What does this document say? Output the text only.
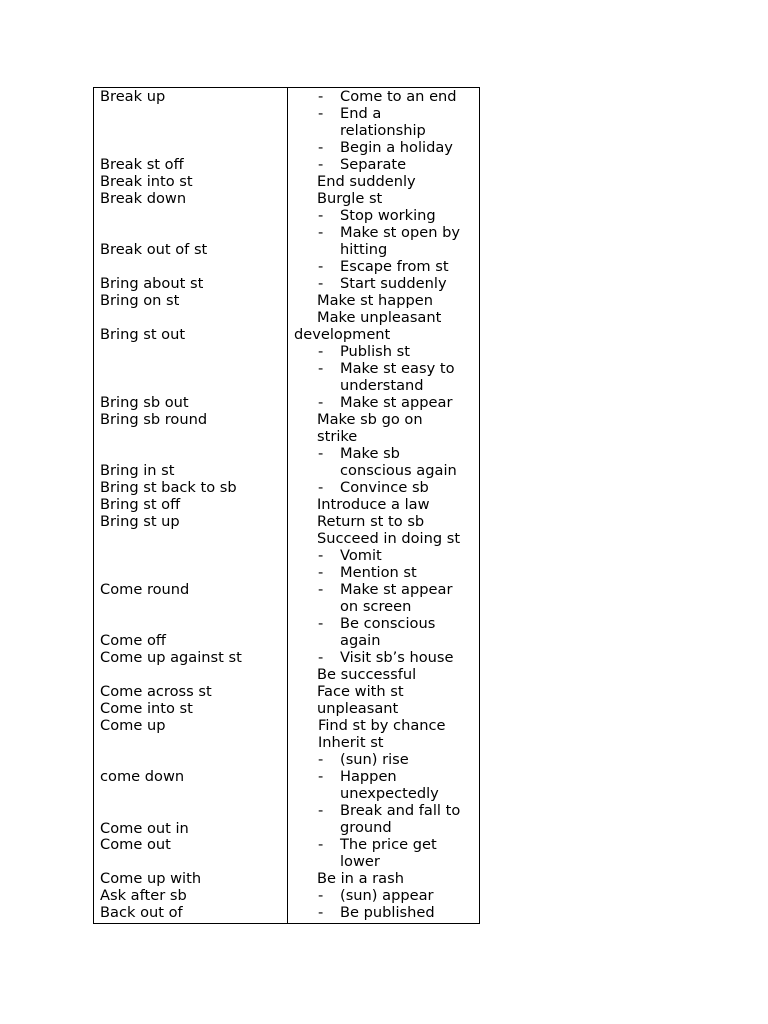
Break up
Break st off
Break into st
Break down
Break out of st
Bring about st
Bring on st
Bring st out
Bring sb out
Bring sb round
Bring in st
Bring st back to sb
Bring st off
Bring st up
Come round
Come off
Come up against st
Come across st
Come into st
Come up
come down
Come out in
Come out
Come up with
Ask after sb
Back out of
- Come to an end
- End a
relationship
- Begin a holiday
- Separate
End suddenly
Burgle st
- Stop working
- Make st open by
hitting
- Escape from st
- Start suddenly
Make st happen
Make unpleasant
development
- Publish st
- Make st easy to
understand
- Make st appear
Make sb go on
strike
- Make sb
conscious again
- Convince sb
Introduce a law
Return st to sb
Succeed in doing st
- Vomit
- Mention st
- Make st appear
on screen
- Be conscious
again
- Visit sb’s house
Be successful
Face with st
unpleasant
Find st by chance
Inherit st
- (sun) rise
- Happen
unexpectedly
- Break and fall to
ground
- The price get
lower
Be in a rash
- (sun) appear
- Be published
